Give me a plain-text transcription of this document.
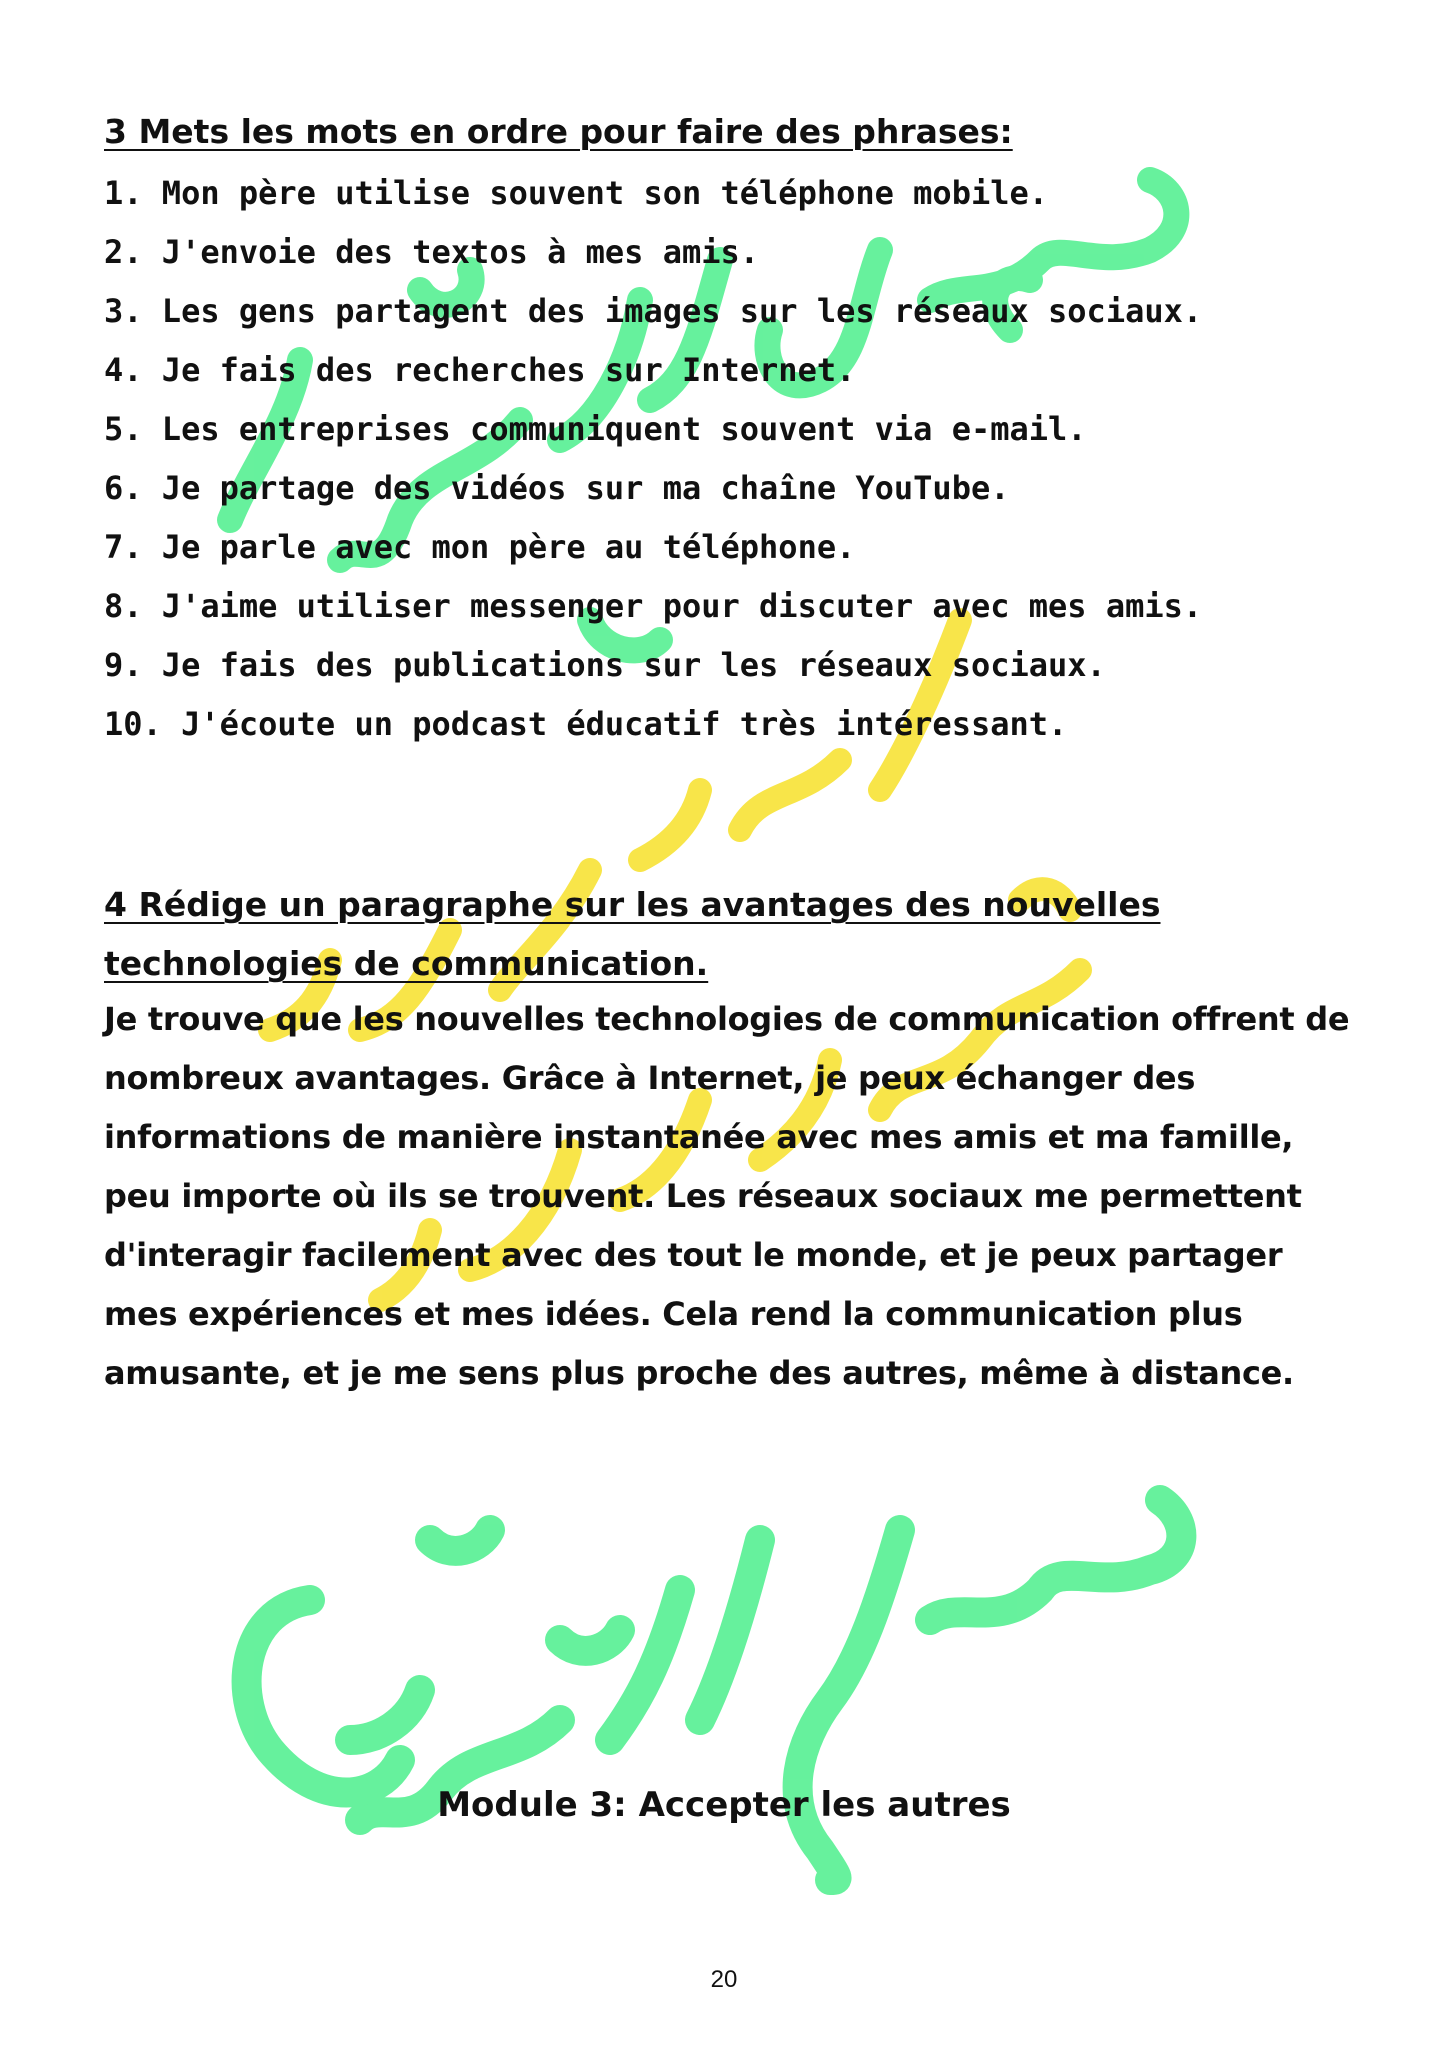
3 Mets les mots en ordre pour faire des phrases:
1. Mon père utilise souvent son téléphone mobile.
2. J'envoie des textos à mes amis.
3. Les gens partagent des images sur les réseaux sociaux.
4. Je fais des recherches sur Internet.
5. Les entreprises communiquent souvent via e-mail.
6. Je partage des vidéos sur ma chaîne YouTube.
7. Je parle avec mon père au téléphone.
8. J'aime utiliser messenger pour discuter avec mes amis.
9. Je fais des publications sur les réseaux sociaux.
10. J'écoute un podcast éducatif très intéressant.
4 Rédige un paragraphe sur les avantages des nouvelles technologies de communication.

Je trouve que les nouvelles technologies de communication offrent de nombreux avantages. Grâce à Internet, je peux échanger des informations de manière instantanée avec mes amis et ma famille, peu importe où ils se trouvent. Les réseaux sociaux me permettent d'interagir facilement avec des tout le monde, et je peux partager mes expériences et mes idées. Cela rend la communication plus amusante, et je me sens plus proche des autres, même à distance.

Module 3: Accepter les autres
20
